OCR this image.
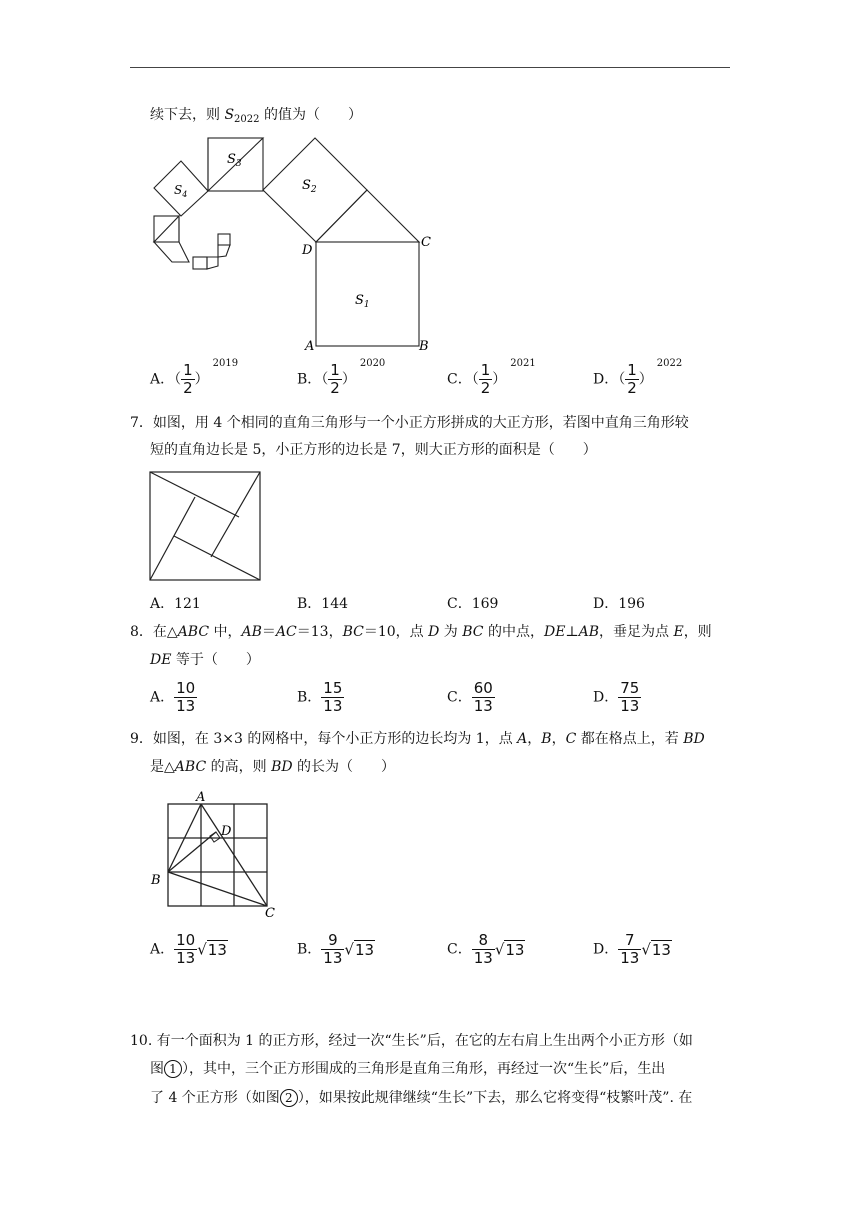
续下去，则 $S_{2022}$ 的值为（　　）
$S_1$
$S_2$
$S_3$
$S_4$
D
C
A	B
A．（ $\frac{1}{2} )^{2019}$
B．（ $\frac{1}{2} )^{2020}$
C．（ $\frac{1}{2} )^{2021}$
D．（ $\frac{1}{2} )^{2022}$
7．如图，用 4 个相同的直角三角形与一个小正方形拼成的大正方形，若图中直角三角形较
短的直角边长是 5，小正方形的边长是 7，则大正方形的面积是（　　）
A．121	B．144	C．169	D．196
8．在△ABC 中，AB＝AC＝13，BC＝10，点 D 为 BC 的中点，DE⊥AB，垂足为点 E，则
DE 等于（　　）
A． $\frac{10}{13}$	B． $\frac{15}{13}$	C． $\frac{60}{13}$	D． $\frac{75}{13}$
9．如图，在 3×3 的网格中，每个小正方形的边长均为 1，点 A，B，C 都在格点上，若 BD
是△ABC 的高，则 BD 的长为（　　）
A
B
C
D
A． $\frac{10}{13} √13$	B． $\frac{9}{13} √13$	C． $\frac{8}{13} √13$	D． $\frac{7}{13} √13$
10. 有一个面积为 1 的正方形，经过一次“生长”后，在它的左右肩上生出两个小正方形（如
图 1 ），其中，三个正方形围成的三角形是直角三角形，再经过一次“生长”后，生出
了 4 个正方形（如图 2 ），如果按此规律继续“生长”下去，那么它将变得“枝繁叶茂”. 在
